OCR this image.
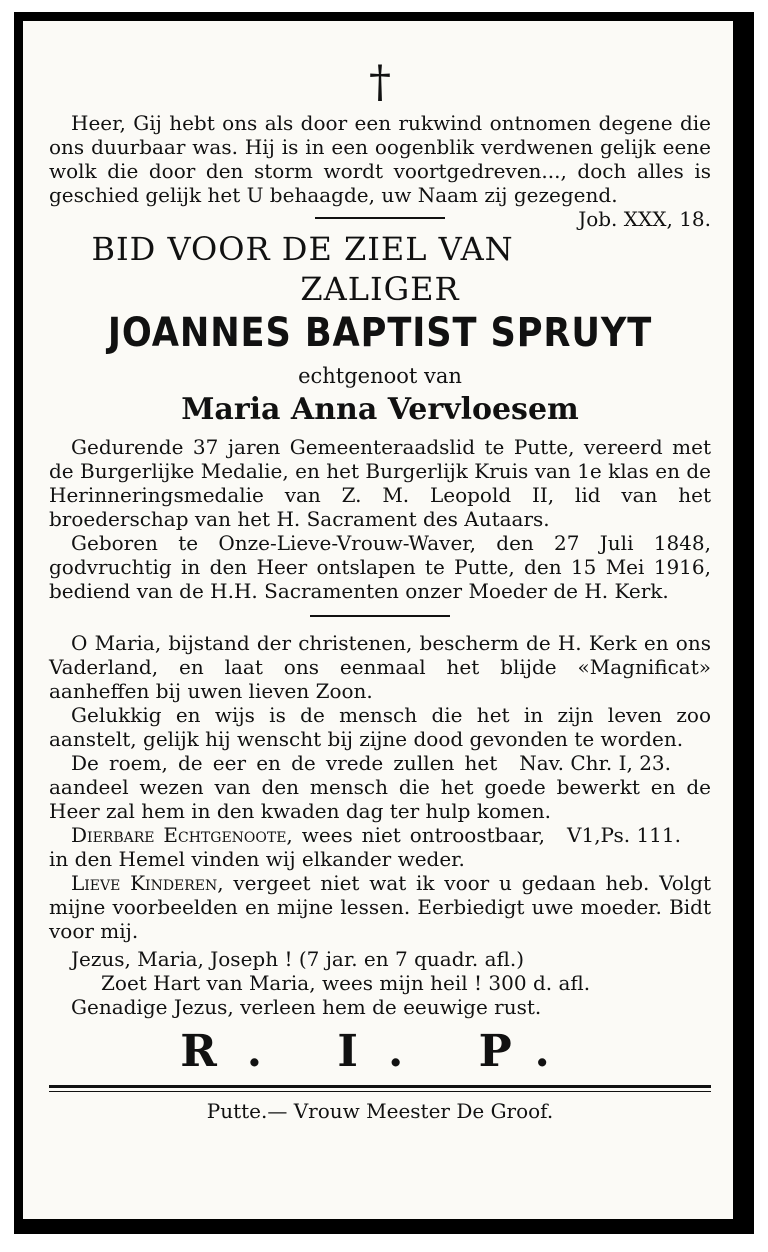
†

Heer, Gij hebt ons als door een rukwind ontnomen degene die ons duurbaar was. Hij is in een oogenblik verdwenen gelijk eene wolk die door den storm wordt voortgedreven..., doch alles is geschied gelijk het U behaagde, uw Naam zij gezegend.
Job. XXX, 18.

BID VOOR DE ZIEL VAN ZALIGER
JOANNES BAPTIST SPRUYT
echtgenoot van
Maria Anna Vervloesem

Gedurende 37 jaren Gemeenteraadslid te Putte, vereerd met de Burgerlijke Medalie, en het Burgerlijk Kruis van 1e klas en de Herinneringsmedalie van Z. M. Leopold II, lid van het broederschap van het H. Sacrament des Autaars.

Geboren te Onze-Lieve-Vrouw-Waver, den 27 Juli 1848, godvruchtig in den Heer ontslapen te Putte, den 15 Mei 1916, bediend van de H.H. Sacramenten onzer Moeder de H. Kerk.

O Maria, bijstand der christenen, bescherm de H. Kerk en ons Vaderland, en laat ons eenmaal het blijde «Magnificat» aanheffen bij uwen lieven Zoon.

Gelukkig en wijs is de mensch die het in zijn leven zoo aanstelt, gelijk hij wenscht bij zijne dood gevonden te worden.
Nav. Chr. I, 23.

De roem, de eer en de vrede zullen het aandeel wezen van den mensch die het goede bewerkt en de Heer zal hem in den kwaden dag ter hulp komen.
V1,Ps. 111.

Dierbare Echtgenoote, wees niet ontroostbaar, in den Hemel vinden wij elkander weder.

Lieve Kinderen, vergeet niet wat ik voor u gedaan heb. Volgt mijne voorbeelden en mijne lessen. Eerbiedigt uwe moeder. Bidt voor mij.

Jezus, Maria, Joseph ! (7 jar. en 7 quadr. afl.)

Zoet Hart van Maria, wees mijn heil ! 300 d. afl.

Genadige Jezus, verleen hem de eeuwige rust.

R. I. P.
Putte.— Vrouw Meester De Groof.
